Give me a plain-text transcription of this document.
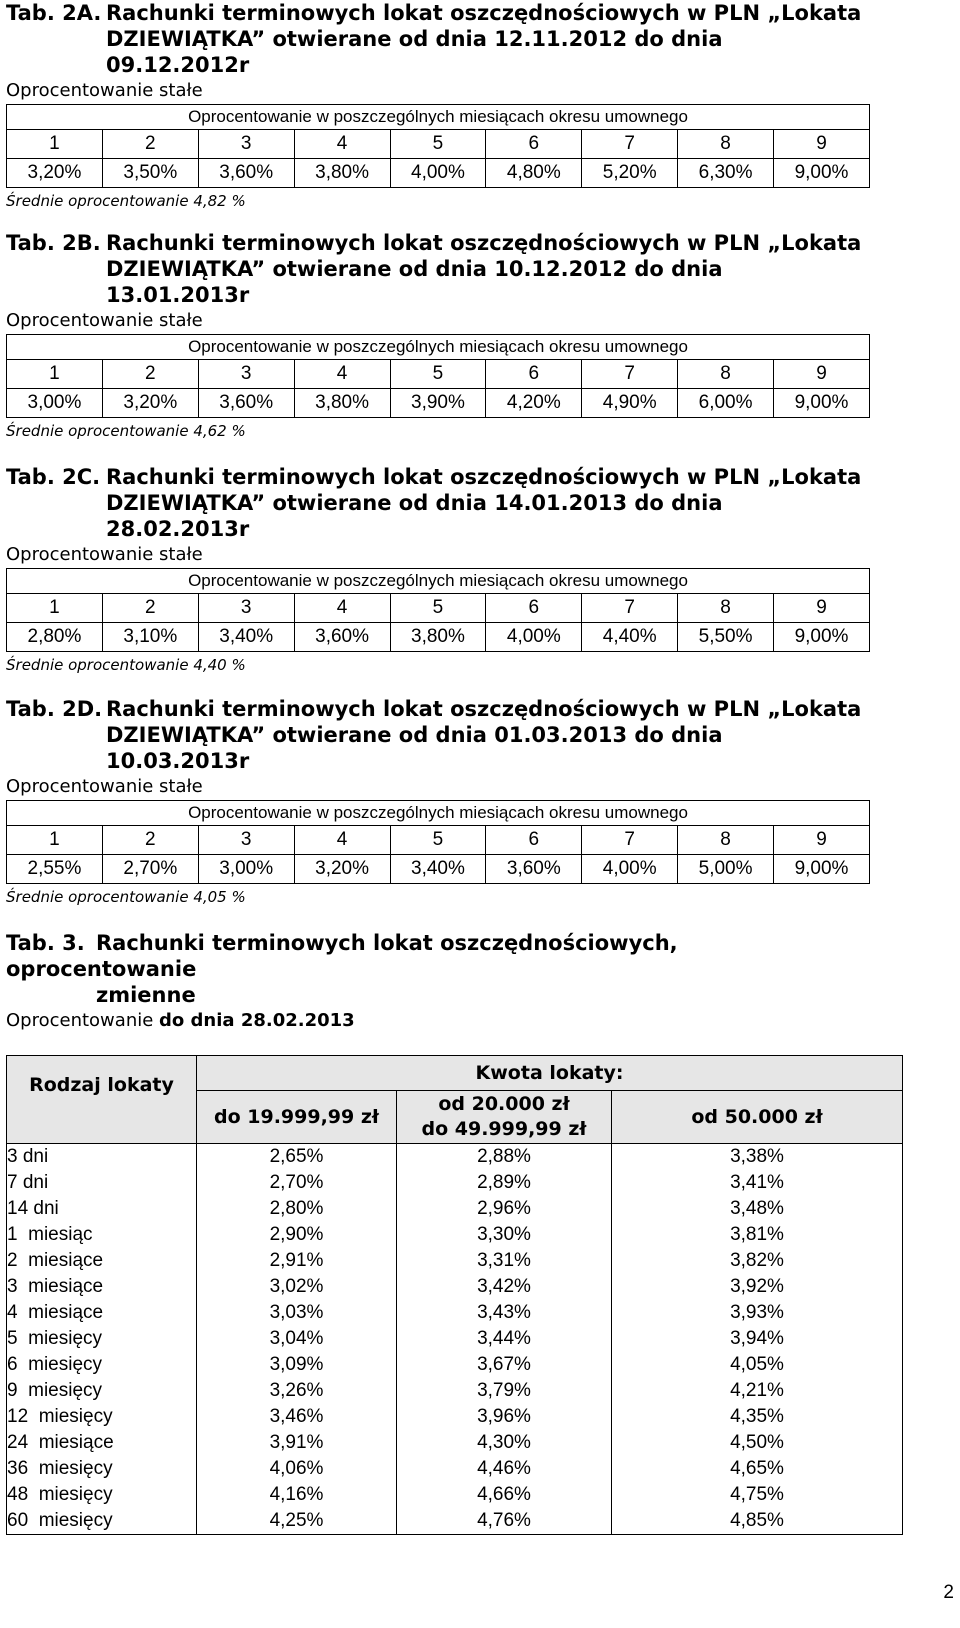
Tab. 2A. Rachunki terminowych lokat oszczędnościowych w PLN „Lokata
DZIEWIĄTKA” otwierane od dnia 12.11.2012 do dnia 09.12.2012r

Oprocentowanie stałe

Oprocentowanie w poszczególnych miesiącach okresu umownego								
1	2	3	4	5	6	7	8	9
3,20%	3,50%	3,60%	3,80%	4,00%	4,80%	5,20%	6,30%	9,00%

Średnie oprocentowanie 4,82 %

Tab. 2B. Rachunki terminowych lokat oszczędnościowych w PLN „Lokata
DZIEWIĄTKA” otwierane od dnia 10.12.2012 do dnia 13.01.2013r

Oprocentowanie stałe

Oprocentowanie w poszczególnych miesiącach okresu umownego								
1	2	3	4	5	6	7	8	9
3,00%	3,20%	3,60%	3,80%	3,90%	4,20%	4,90%	6,00%	9,00%

Średnie oprocentowanie 4,62 %

Tab. 2C. Rachunki terminowych lokat oszczędnościowych w PLN „Lokata
DZIEWIĄTKA” otwierane od dnia 14.01.2013 do dnia 28.02.2013r

Oprocentowanie stałe

Oprocentowanie w poszczególnych miesiącach okresu umownego								
1	2	3	4	5	6	7	8	9
2,80%	3,10%	3,40%	3,60%	3,80%	4,00%	4,40%	5,50%	9,00%

Średnie oprocentowanie 4,40 %

Tab. 2D. Rachunki terminowych lokat oszczędnościowych w PLN „Lokata
DZIEWIĄTKA” otwierane od dnia 01.03.2013 do dnia 10.03.2013r

Oprocentowanie stałe

Oprocentowanie w poszczególnych miesiącach okresu umownego								
1	2	3	4	5	6	7	8	9
2,55%	2,70%	3,00%	3,20%	3,40%	3,60%	4,00%	5,00%	9,00%

Średnie oprocentowanie 4,05 %

Tab. 3. Rachunki terminowych lokat oszczędnościowych, oprocentowanie
zmienne

Oprocentowanie do dnia 28.02.2013

Rodzaj lokaty	Kwota lokaty:		
	do 19.999,99 zł	od 20.000 zł
do 49.999,99 zł	od 50.000 zł
3 dni	2,65%	2,88%	3,38%
7 dni	2,70%	2,89%	3,41%
14 dni	2,80%	2,96%	3,48%
1  miesiąc	2,90%	3,30%	3,81%
2  miesiące	2,91%	3,31%	3,82%
3  miesiące	3,02%	3,42%	3,92%
4  miesiące	3,03%	3,43%	3,93%
5  miesięcy	3,04%	3,44%	3,94%
6  miesięcy	3,09%	3,67%	4,05%
9  miesięcy	3,26%	3,79%	4,21%
12  miesięcy	3,46%	3,96%	4,35%
24  miesiące	3,91%	4,30%	4,50%
36  miesięcy	4,06%	4,46%	4,65%
48  miesięcy	4,16%	4,66%	4,75%
60  miesięcy	4,25%	4,76%	4,85%
2
